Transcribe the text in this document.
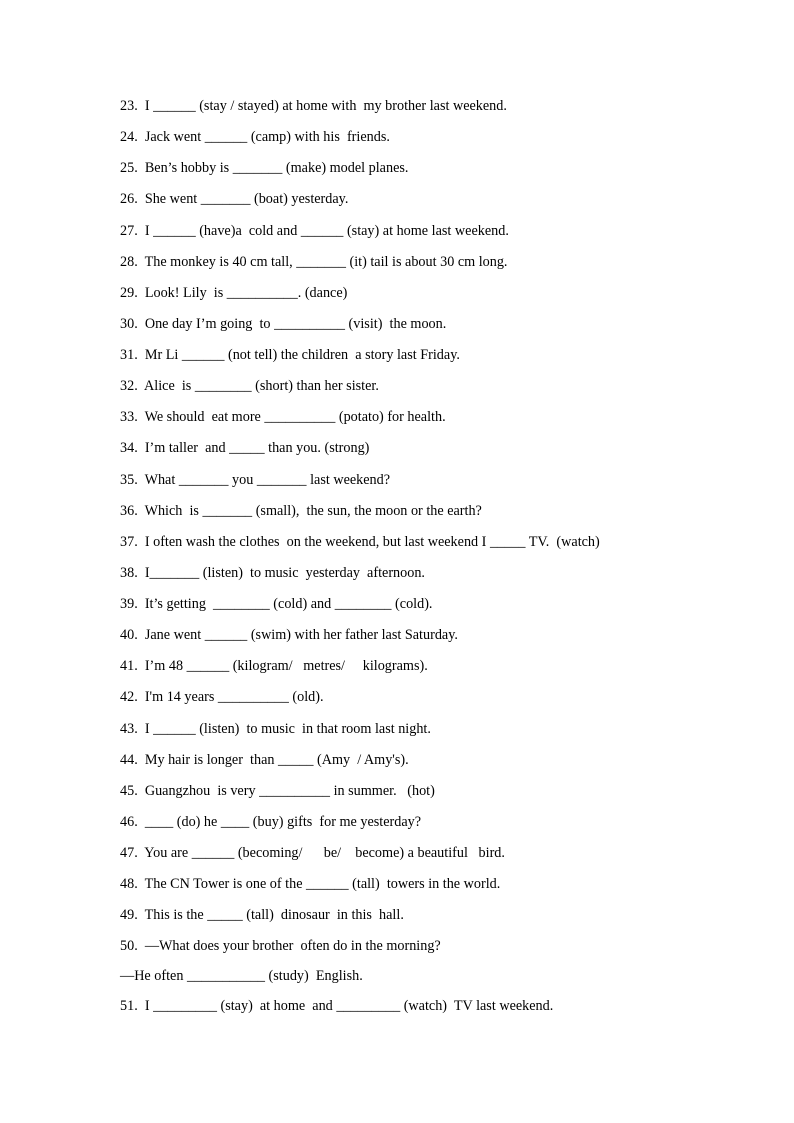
23.  I ______ (stay / stayed) at home with  my brother last weekend.
24.  Jack went ______ (camp) with his  friends.
25.  Ben’s hobby is _______ (make) model planes.
26.  She went _______ (boat) yesterday.
27.  I ______ (have)a  cold and ______ (stay) at home last weekend.
28.  The monkey is 40 cm tall, _______ (it) tail is about 30 cm long.
29.  Look! Lily  is __________. (dance)
30.  One day I’m going  to __________ (visit)  the moon.
31.  Mr Li ______ (not tell) the children  a story last Friday.
32.  Alice  is ________ (short) than her sister.
33.  We should  eat more __________ (potato) for health.
34.  I’m taller  and _____ than you. (strong)
35.  What _______ you _______ last weekend?
36.  Which  is _______ (small),  the sun, the moon or the earth?
37.  I often wash the clothes  on the weekend, but last weekend I _____ TV.  (watch)
38.  I_______ (listen)  to music  yesterday  afternoon.
39.  It’s getting  ________ (cold) and ________ (cold).
40.  Jane went ______ (swim) with her father last Saturday.
41.  I’m 48 ______ (kilogram/   metres/     kilograms).
42.  I'm 14 years __________ (old).
43.  I ______ (listen)  to music  in that room last night.
44.  My hair is longer  than _____ (Amy  / Amy's).
45.  Guangzhou  is very __________ in summer.   (hot)
46.  ____ (do) he ____ (buy) gifts  for me yesterday?
47.  You are ______ (becoming/      be/    become) a beautiful   bird.
48.  The CN Tower is one of the ______ (tall)  towers in the world.
49.  This is the _____ (tall)  dinosaur  in this  hall.
50.  —What does your brother  often do in the morning?
—He often ___________ (study)  English.
51.  I _________ (stay)  at home  and _________ (watch)  TV last weekend.
